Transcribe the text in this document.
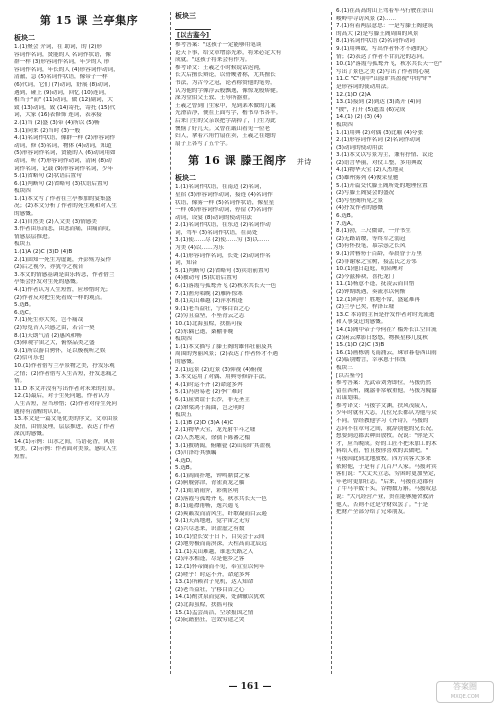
第 15 课 兰亭集序
板块二
1.(1)聚会 介词，在 助词，的 (2)形
容词作名词，贤能的人 名词作状语，像
群一样 (3)形容词作名词，年少的人 形
容词作名词，年长的人 (4)形容词作动词，
清澈，急 (5)名词作状语，像带子一样
(6)代词，它们 (7)动词，舒展 (8)动词，
遇到，碰上 (9)动词，回忆 (10)连词，
相当于"而" (11)动词，做 (12)副词，大
致 (13)动词，致 (14)寄托，寄托 (15)代
词，大家 (16)表修饰 连词，表承接
2.(1)当 (2)盛 (3)带 (4)所以 (5)畅
3.(1)向来 (2)当时 (3)一般
4.(1)名词作状语，像群一样 (2)形容词作
动词，修 (3)名词，物体 (4)动词，知道
(5)形容词作名词，贤能的人 (6)动词用如
动词，听 (7)形容词作动词，清闲 (8)动
词作名词，记载 (9)形容词作名词，少年
5.(1)省略句 (2)状语后置句
6.(1)判断句 (2)省略句 (3)状语后置句
板块四
1.(1)本文写了作者在兰亭参加的宴集盛
况；(2)本文分析了作者的死生观和对人生
的感慨。
2.(1)自然美 (2)人文美 (3)情感美
3.作者由乐而悲，由悲而痛，由痛而叹，
情感层层推进。
板块五
1.(1)A (2)C (3)D (4)B
2.(1)固知一死生为虚诞，齐彭殇为妄作
(2)后之视今，亦犹今之视昔
3.本文的情感基调是由乐转悲，作者借兰
亭集会抒发对生死的感慨。
4.(1)作者认为人生短暂，应珍惜时光；
(2)作者反对把生死看成一样的观点。
5.选B。
6.选C。
7.(1)死生亦大矣，岂不痛哉
(2)每览昔人兴感之由，若合一契
8.(1)天朗气清 (2)惠风和畅
(3)仰观宇宙之大，俯察品类之盛
9.(1)所以游目骋怀，足以极视听之娱
(2)信可乐也
10.(1)作者借写兰亭景物之美，抒发乐观
之情；(2)作者借写人生苦短，抒发悲痛之
情。
11.D 本文并没有写出作者对未来的打算。
12.(1)最后，对于生死问题，作者认为
人生苦短，应当珍惜；(2)作者对待生死问
题持有清醒的认识。
13.本文是一篇文笔优美的序文，文章由景
及情，由情及理，层层推进，表达了作者
深沉的感慨。
14.(1)示例：山水之间，鸟语花香，风景
优美。(2)示例：作者面对美景，感叹人生
短暂。
板块三
[以古鉴今]
参考答案："这孩子一定能够用笔谈
论天下事，给文章增添光彩，将来必定大有
成就。"这孩子将来会有作为。
参考译文：王羲之小时候说话迟钝，
长大后擅长辩论，以骨鲠著称，尤其擅长
书法，为古今之冠，论者称赞他的笔势，
认为他的字像浮云般飘逸，像惊龙般矫健。
深为堂伯父王敦、王导所器重。
王羲之曾到门生家中，见到棐木做的几案
光滑洁净，便在上面写字，楷书草书各半。
后来门生的父亲误把字刮掉了，门生为此
懊恼了好几天。又曾在蕺山看见一位老
妇人，拿着六角竹扇在卖，王羲之在她的
扇子上各写了五个字。
第 16 课 滕王阁序 并诗
板块二
1.(1)名词作状语，在南边 (2)名词，
星宿 (3)形容词作动词，接连 (4)名词作
状语，像雾一样 (5)名词作状语，像星星
一样 (6)形容词作动词，停留 (7)名词作
动词，设宴 (8)动词的使动用法
2.(1)名词作状语，在东边 (2)名词作动
词，驾车 (3)名词作状语，在高处
3.(1)使……尽 (2)使……穷 (3)以……
为美 (4)以……为乐
4.(1)形容词作名词，长处 (2)动词作名
词，知音
5.(1)判断句 (2)省略句 (3)宾语前置句
(4)被动句 (5)状语后置句
6.(1)落霞与孤鹜齐飞 (2)秋水共长天一色
7.(1)渔舟唱晚 (2)雁阵惊寒
8.(1)关山难越 (2)萍水相逢
9.(1)老当益壮，宁移白首之心
(2)穷且益坚，不坠青云之志
10.(1)北海虽赊，扶摇可接
(2)东隅已逝，桑榆非晚
板块四
1.(1)本文描写了滕王阁的雄伟壮丽及其
周围的秀丽风景；(2)表达了作者怀才不遇
的感慨。
2.(1)远景 (2)近景 (3)仰视 (4)俯视
3.本文运用了对偶、用典等修辞手法。
4.(1)时运不齐 (2)命途多舛
5.(1)冯唐易老 (2)李广难封
6.(1)屈贾谊于长沙，非无圣主
(2)窜梁鸿于海曲，岂乏明时
板块五
1.(1)B (2)D (3)A (4)C
2.(1)物华天宝，龙光射牛斗之墟
(2)人杰地灵，徐孺下陈蕃之榻
3.(1)披绣闼，俯雕甍 (2)山原旷其盈视
(3)川泽纡其骇瞩
4.选D。
5.选B。
6.(1)闾阎扑地，钟鸣鼎食之家
(2)舸舰弥津，青雀黄龙之舳
7.(1)虹销雨霁，彩彻区明
(2)落霞与孤鹜齐飞，秋水共长天一色
8.(1)遥襟甫畅，逸兴遄飞
(2)爽籁发而清风生，纤歌凝而白云遏
9.(1)天高地迥，觉宇宙之无穷
(2)兴尽悲来，识盈虚之有数
10.(1)望长安于日下，目吴会于云间
(2)地势极而南溟深，天柱高而北辰远
11.(1)关山难越，谁悲失路之人
(2)萍水相逢，尽是他乡之客
12.(1)怀帝阍而不见，奉宣室以何年
(2)嗟乎！时运不齐，命途多舛
13.(1)所赖君子见机，达人知命
(2)老当益壮，宁移白首之心
14.(1)酌贪泉而觉爽，处涸辙以犹欢
(2)北海虽赊，扶摇可接
15.(1)孟尝高洁，空余报国之情
(2)阮籍猖狂，岂效穷途之哭
6.(1)在高高的山上驾着车马行驶在崇山
峻岭中寻访风景 (2)……
7.(1)有着两层意思：一是写滕王阁建筑
的高大 (2)是写滕王阁周围的风景
8.(1)名词作状语 (2)名词作动词
9.(1)用典故，写出作者怀才不遇的心
情；(2)表达了作者不甘沉沦的志向。
10.(1)"落霞与孤鹜齐飞，秋水共长天一色"
写出了景色之美 (2)写出了作者的心境
11.C "C"项中"山原旷其盈视"中的"旷"
是形容词的使动用法。
12.(1)D (2)A
13.(1)接到 (2)到达 (3)离开 (4)同
"披"，打开 (5)遮盖 (6)完成
14.(1) (2) (3) (4)
板块四
1.(1)用典 (2)对偶 (3)比喻 (4)夸张
2.(1)形容词作名词 (2)名词作动词
(3)动词的使动用法
3.(1)本文以写景为主，兼有抒情、议论
(2)语言华丽，对仗工整，多用典故
4.(1)物华天宝 (2)人杰地灵
(3)雄州雾列 (4)俊采星驰
5.(1)开篇交代滕王阁所处的地理位置
(2)写滕王阁宴会的盛况
(3)写登阁所见之景
(4)抒发作者的感慨
6.选B。
7.选A。
8.(1)勃，三尺微命，一介书生
(2)无路请缨，等终军之弱冠
(3)有怀投笔，慕宗悫之长风
9.(1)舍簪笏于百龄，奉晨昏于万里
(2)非谢家之宝树，接孟氏之芳邻
10.(1)他日趋庭，叨陪鲤对
(2)今兹捧袂，喜托龙门
11.(1)杨意不逢，抚凌云而自惜
(2)钟期既遇，奏流水以何惭
12.(1)呜呼！胜地不常，盛筵难再
(2)兰亭已矣，梓泽丘墟
13.C 本诗的主旨是抒发作者对时光流逝
和人事变迁的感慨。
14.(1)阁中帝子今何在？槛外长江空自流
(2)闲云潭影日悠悠，物换星移几度秋
15.(1)D (2)C (3)B
16.(1)画栋朝飞南浦云，珠帘暮卷西山雨
(2)临别赠言，幸承恩于伟饯
板块三
[以古鉴今]
参考答案：光武帝刘秀即位，马援仍然
留在西州，隗嚣非常敬重他，马援为隗嚣
出谋划策。
参考译文：马援字文渊，扶风茂陵人，
少年时就有大志，几位兄长都认为他与众
不同。曾经教他学习《齐诗》，马援的
志向不在章句之间，就辞别他的兄长况，
想要到边郡去种田放牧。况说："你是大
才，应当晚成。好的工匠不把未加工的木
料给人看，暂且按你喜欢的去做吧。"
马援因此到北地放牧。四方宾客大多来
依附他，于是有了几百户人家。马援对宾
客们说："大丈夫立志，穷困时更加坚定，
年老时更加壮志。"后来，马援在边郡有
了牛马羊数千头，谷物数万斛。马援叹息
说："大凡经营产业，贵在能够施舍救济
他人，否则不过是守财奴罢了。"于是
把财产全部分给了兄弟朋友。
— 161 —	答案圈
MXQE.COM
